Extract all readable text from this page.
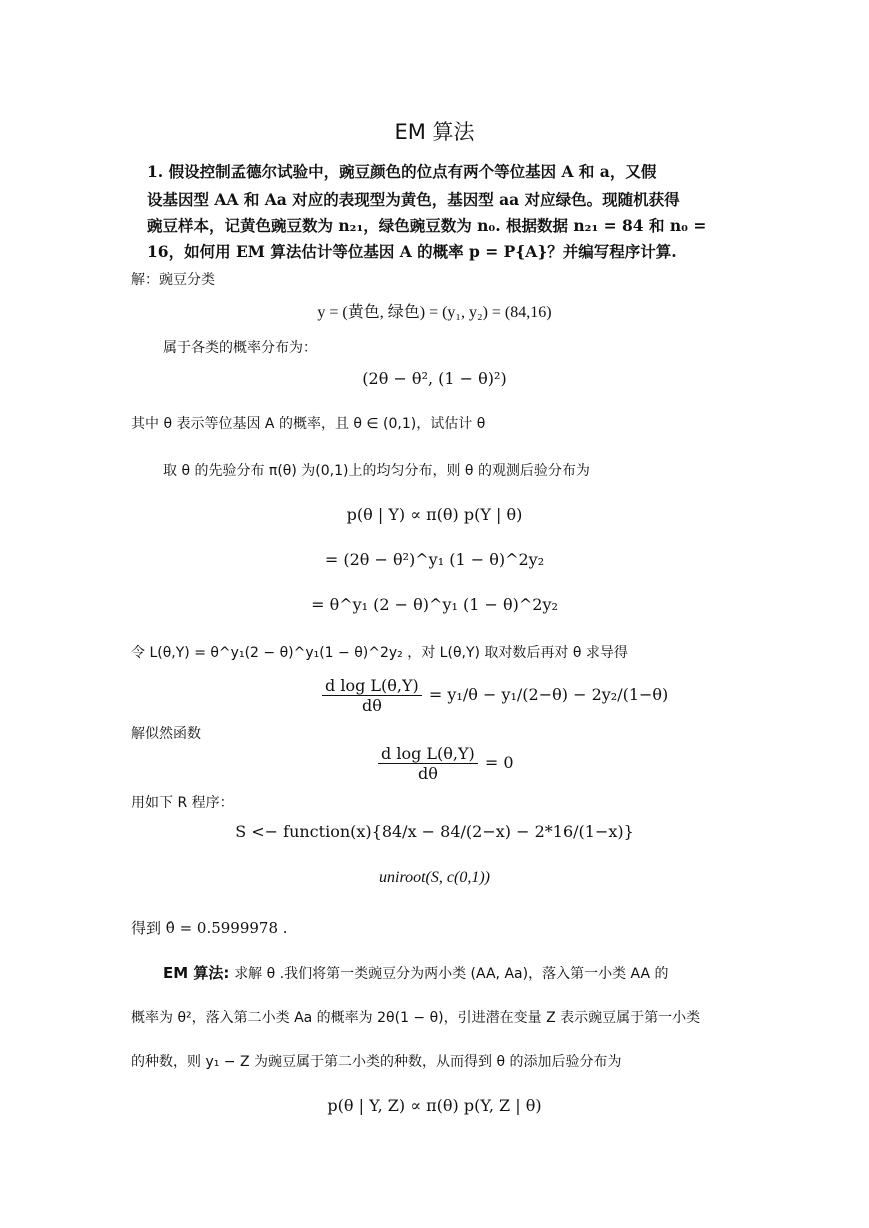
EM 算法
1. 假设控制孟德尔试验中，豌豆颜色的位点有两个等位基因 A 和 a，又假
设基因型 AA 和 Aa 对应的表现型为黄色，基因型 aa 对应绿色。现随机获得
豌豆样本，记黄色豌豆数为 n₂₁，绿色豌豆数为 n₀. 根据数据 n₂₁ = 84 和 n₀ =
16，如何用 EM 算法估计等位基因 A 的概率 p = P{A}？并编写程序计算.
解：豌豆分类
y = (黄色, 绿色) = (y₁, y₂) = (84,16)
属于各类的概率分布为：
(2θ − θ², (1 − θ)²)
其中 θ 表示等位基因 A 的概率，且 θ ∈ (0,1)，试估计 θ
取 θ 的先验分布 π(θ) 为(0,1)上的均匀分布，则 θ 的观测后验分布为
p(θ | Y) ∝ π(θ) p(Y | θ)
= (2θ − θ²)^y₁ (1 − θ)^2y₂
= θ^y₁ (2 − θ)^y₁ (1 − θ)^2y₂
令 L(θ,Y) = θ^y₁(2 − θ)^y₁(1 − θ)^2y₂ ，对 L(θ,Y) 取对数后再对 θ 求导得
$\frac{\text{d log L(θ,Y)}}{d\theta} = y_1/\theta - y_1/(2-\theta) - 2y_2/(1-\theta)$
解似然函数
$\frac{\text{d log L(θ,Y)}}{d\theta} = 0$
用如下 R 程序：
S <− function(x){84/x − 84/(2−x) − 2*16/(1−x)}
uniroot(S, c(0,1))
得到 θ̂ = 0.5999978 .
EM 算法: 求解 θ .我们将第一类豌豆分为两小类 (AA, Aa)，落入第一小类 AA 的
概率为 θ²，落入第二小类 Aa 的概率为 2θ(1 − θ)，引进潜在变量 Z 表示豌豆属于第一小类
的种数，则 y₁ − Z 为豌豆属于第二小类的种数，从而得到 θ 的添加后验分布为
p(θ | Y, Z) ∝ π(θ) p(Y, Z | θ)
